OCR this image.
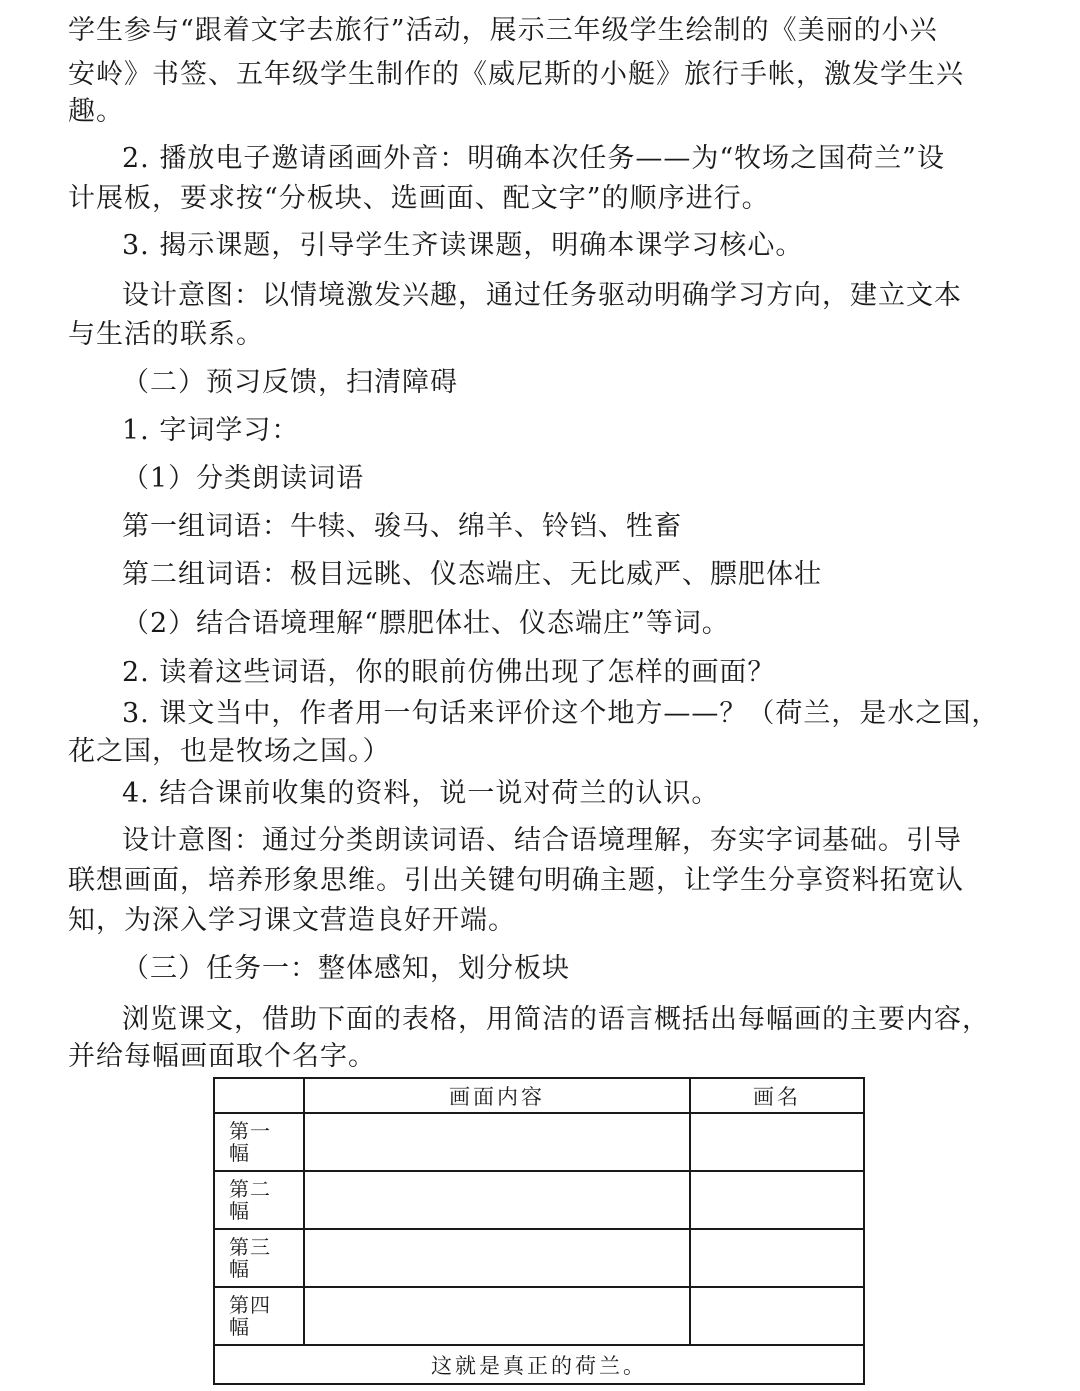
学生参与“跟着文字去旅行”活动，展示三年级学生绘制的《美丽的小兴

安岭》书签、五年级学生制作的《威尼斯的小艇》旅行手帐，激发学生兴

趣。

2. 播放电子邀请函画外音：明确本次任务——为“牧场之国荷兰”设

计展板，要求按“分板块、选画面、配文字”的顺序进行。

3. 揭示课题，引导学生齐读课题，明确本课学习核心。

设计意图：以情境激发兴趣，通过任务驱动明确学习方向，建立文本

与生活的联系。

（二）预习反馈，扫清障碍

1. 字词学习：

（1）分类朗读词语

第一组词语：牛犊、骏马、绵羊、铃铛、牲畜

第二组词语：极目远眺、仪态端庄、无比威严、膘肥体壮

（2）结合语境理解“膘肥体壮、仪态端庄”等词。

2. 读着这些词语，你的眼前仿佛出现了怎样的画面？

3. 课文当中，作者用一句话来评价这个地方——？（荷兰，是水之国，

花之国，也是牧场之国。）

4. 结合课前收集的资料，说一说对荷兰的认识。

设计意图：通过分类朗读词语、结合语境理解，夯实字词基础。引导

联想画面，培养形象思维。引出关键句明确主题，让学生分享资料拓宽认

知，为深入学习课文营造良好开端。

（三）任务一：整体感知，划分板块

浏览课文，借助下面的表格，用简洁的语言概括出每幅画的主要内容，

并给每幅画面取个名字。

	画面内容	画名

第一幅		

第二幅		

第三幅		

第四幅		

这就是真正的荷兰。		
